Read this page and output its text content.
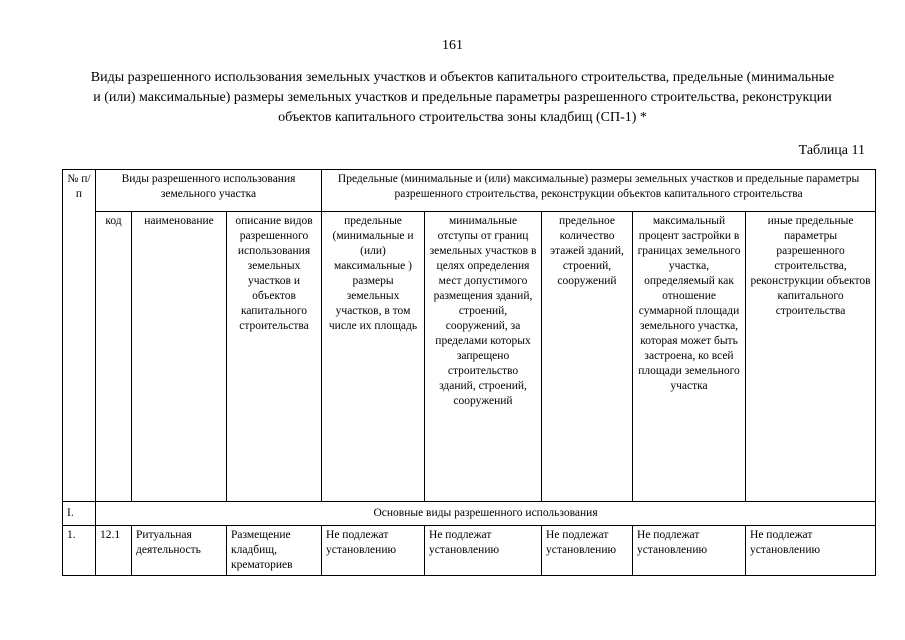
161
Виды разрешенного использования земельных участков и объектов капитального строительства, предельные (минимальные
и (или) максимальные) размеры земельных участков и предельные параметры разрешенного строительства, реконструкции
объектов капитального строительства зоны кладбищ (СП-1) *
Таблица 11
№ п/п	Виды разрешенного использования земельного участка			Предельные (минимальные и (или) максимальные) размеры земельных участков и предельные параметры разрешенного строительства, реконструкции объектов капитального строительства				
	код	наименование	описание видов разрешенного использования земельных участков и объектов капитального строительства	предельные (минимальные и (или) максимальные ) размеры земельных участков, в том числе их площадь	минимальные отступы от границ земельных участков в целях определения мест допустимого размещения зданий, строений, сооружений, за пределами которых запрещено строительство зданий, строений, сооружений	предельное количество этажей зданий, строений, сооружений	максимальный процент застройки в границах земельного участка, определяемый как отношение суммарной площади земельного участка, которая может быть застроена, ко всей площади земельного участка	иные предельные параметры разрешенного строительства, реконструкции объектов капитального строительства
I.	Основные виды разрешенного использования							
1.	12.1	Ритуальная деятельность	Размещение кладбищ, крематориев	Не подлежат установлению	Не подлежат установлению	Не подлежат установлению	Не подлежат установлению	Не подлежат установлению
